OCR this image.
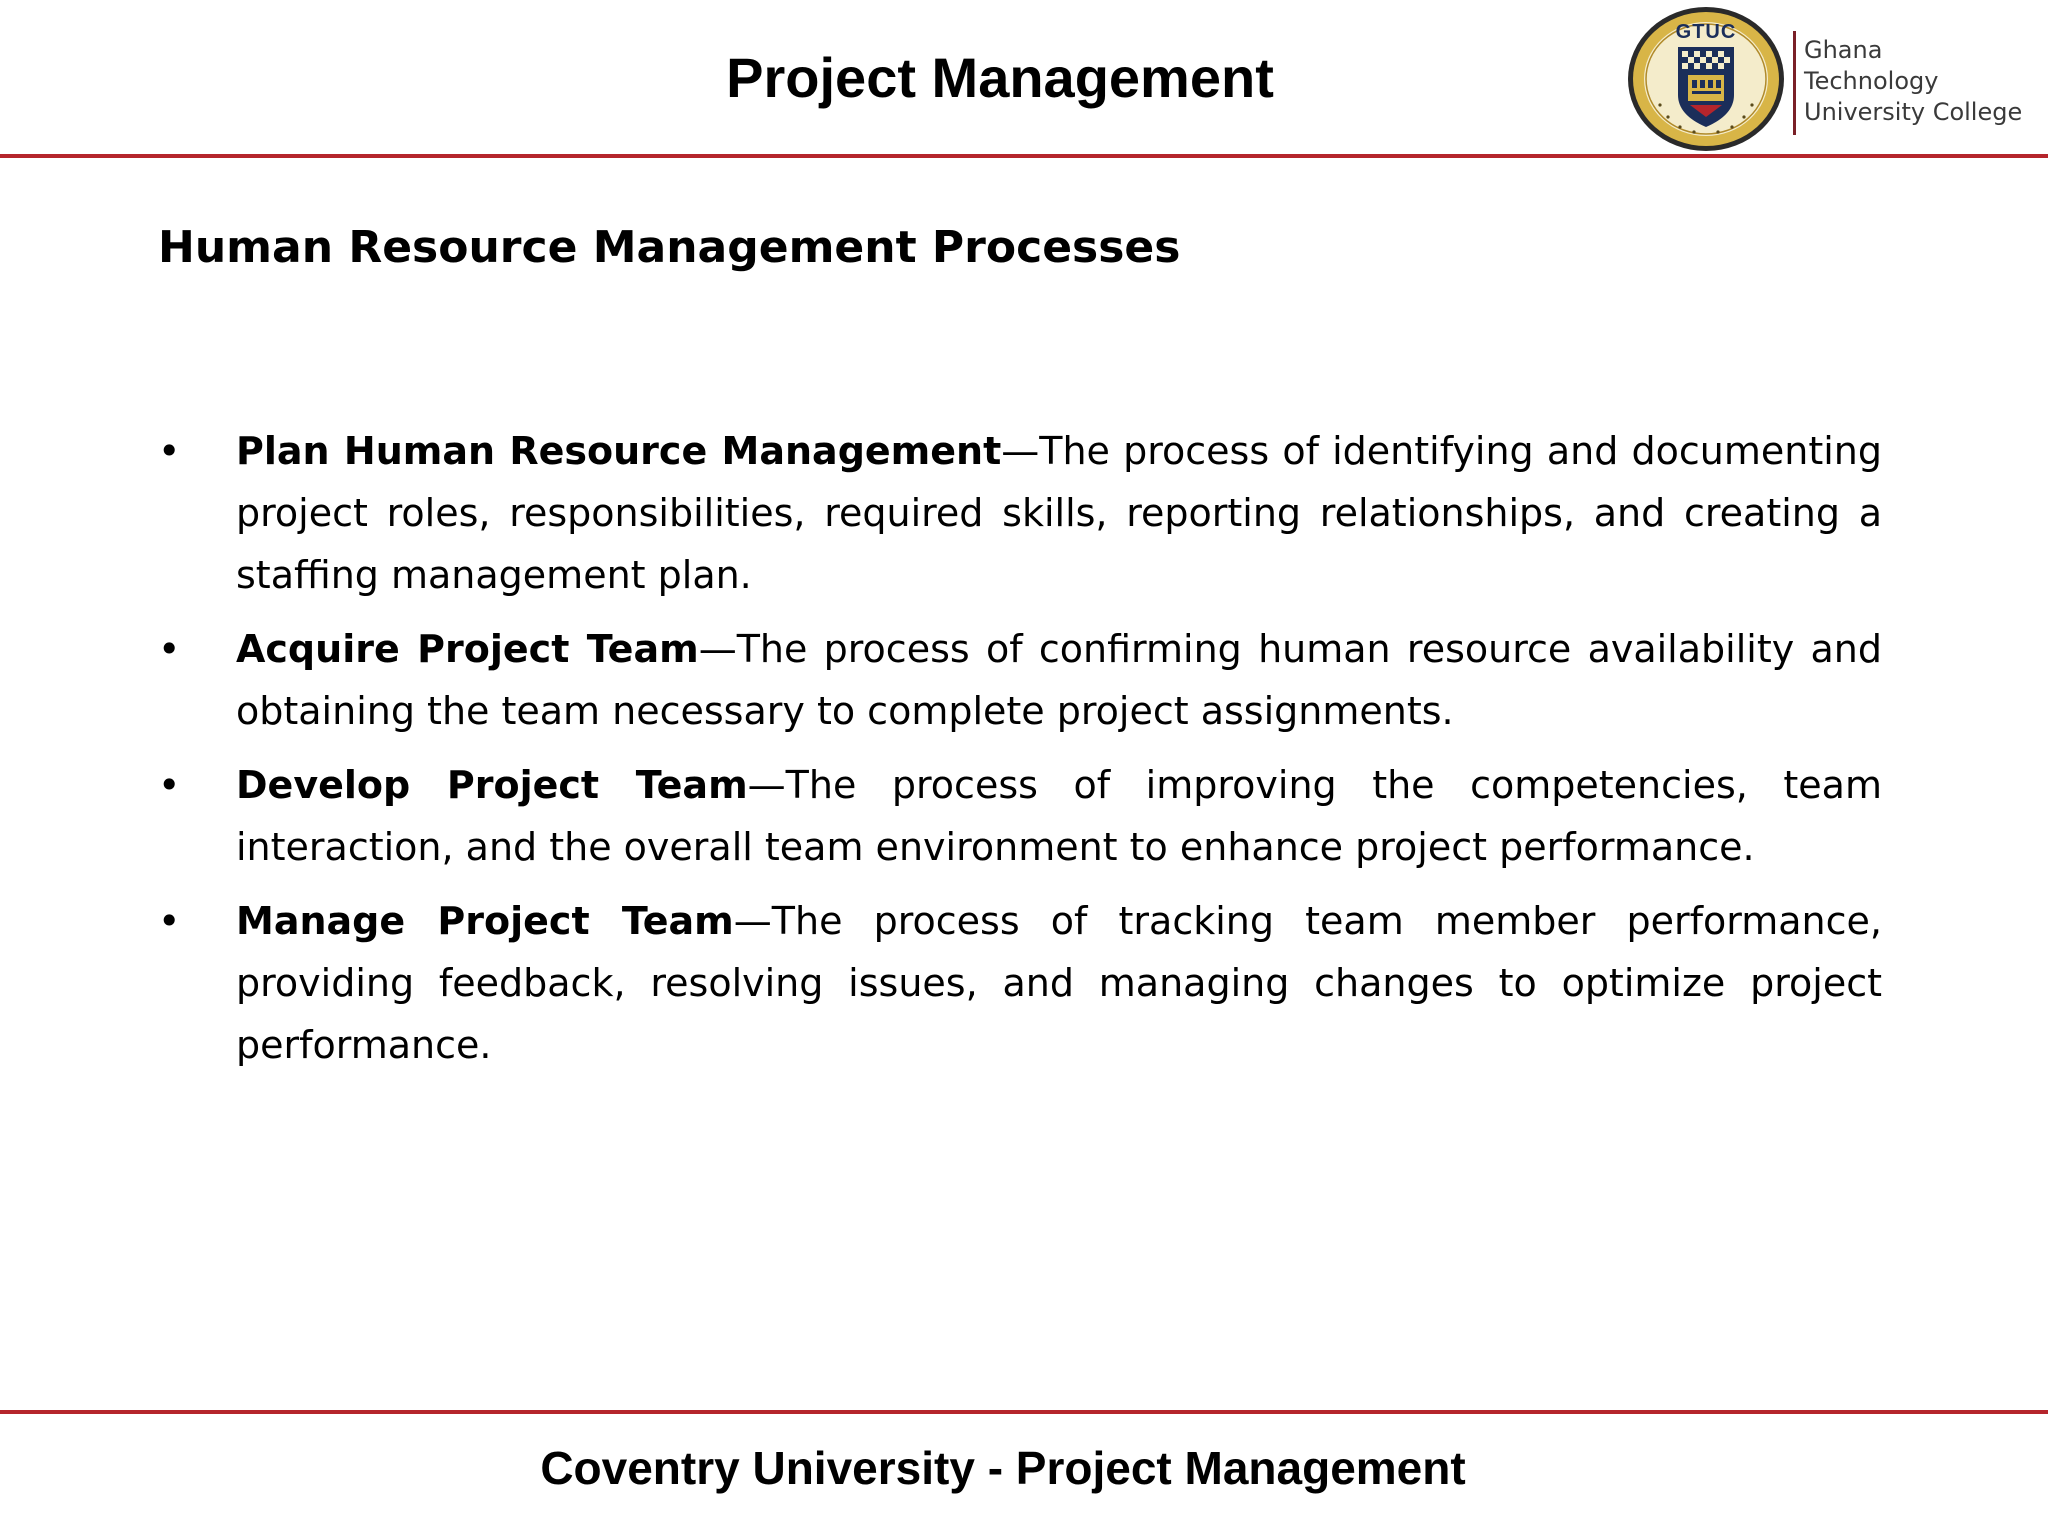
Project Management
GTUC
Ghana
Technology
University College
Human Resource Management Processes
• Plan Human Resource Management—The process of identifying and documenting project roles, responsibilities, required skills, reporting relationships, and creating a staffing management plan.
• Acquire Project Team—The process of confirming human resource availability and obtaining the team necessary to complete project assignments.
• Develop Project Team—The process of improving the competencies, team interaction, and the overall team environment to enhance project performance.
• Manage Project Team—The process of tracking team member performance, providing feedback, resolving issues, and managing changes to optimize project performance.
Coventry University - Project Management
